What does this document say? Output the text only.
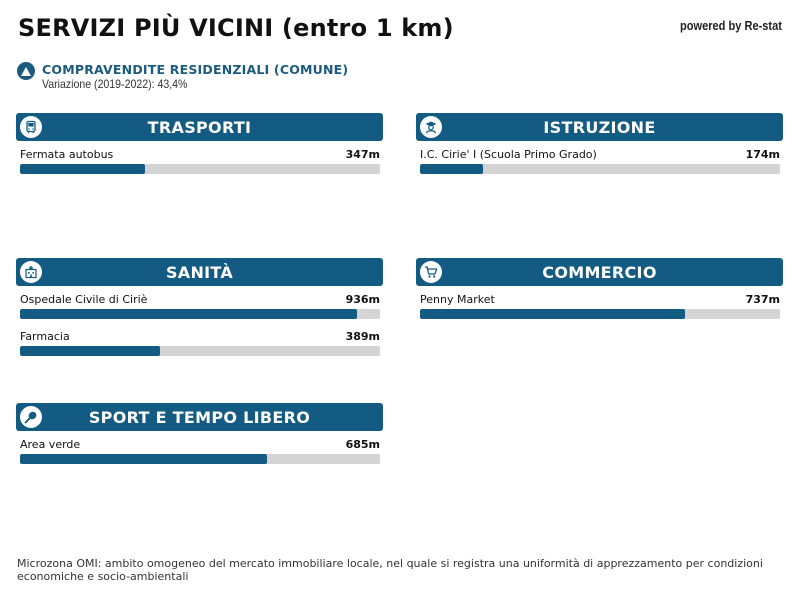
SERVIZI PIÙ VICINI (entro 1 km)	powered by Re-stat
COMPRAVENDITE RESIDENZIALI (COMUNE)
Variazione (2019-2022): 43,4%
TRASPORTI
Fermata autobus	347m
ISTRUZIONE
I.C. Cirie' I (Scuola Primo Grado)	174m
SANITÀ
Ospedale Civile di Ciriè	936m
Farmacia	389m
COMMERCIO
Penny Market	737m
SPORT E TEMPO LIBERO
Area verde	685m
Microzona OMI: ambito omogeneo del mercato immobiliare locale, nel quale si registra una uniformità di apprezzamento per condizioni economiche e socio-ambientali
